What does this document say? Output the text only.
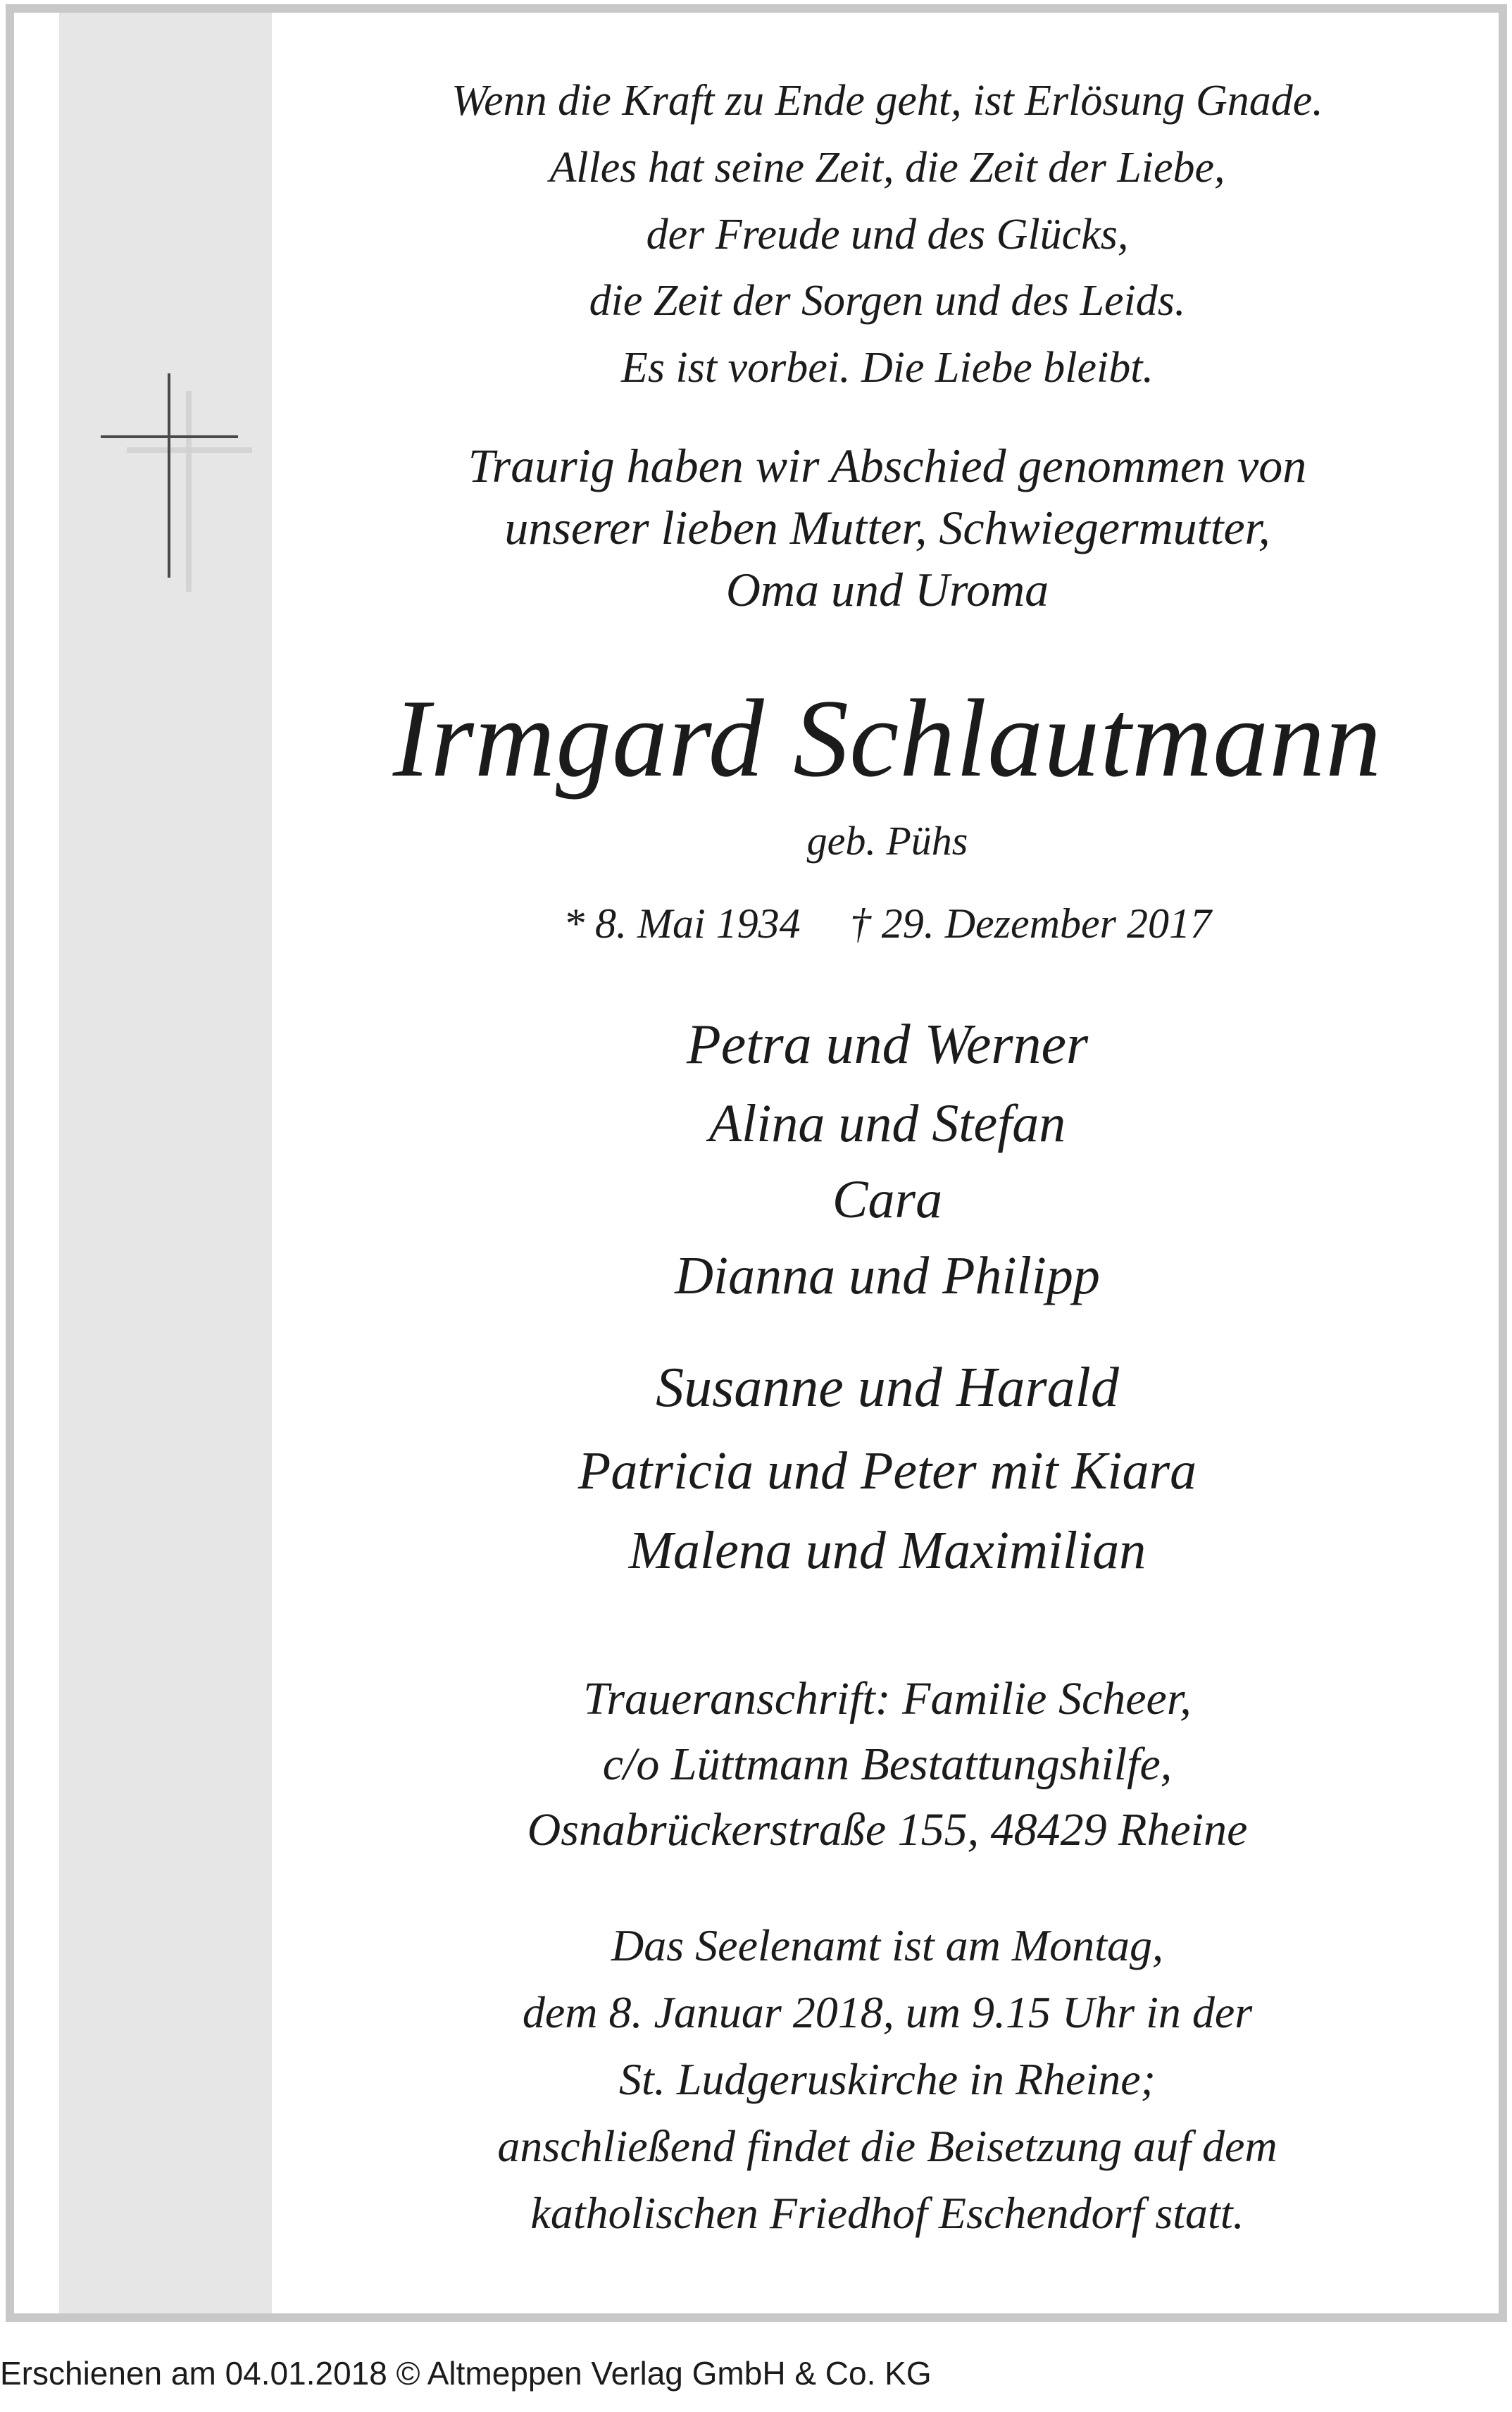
Wenn die Kraft zu Ende geht, ist Erlösung Gnade.
Alles hat seine Zeit, die Zeit der Liebe,
der Freude und des Glücks,
die Zeit der Sorgen und des Leids.
Es ist vorbei. Die Liebe bleibt.
Traurig haben wir Abschied genommen von
unserer lieben Mutter, Schwiegermutter,
Oma und Uroma
Irmgard Schlautmann
geb. Pühs
* 8. Mai 1934 † 29. Dezember 2017
Petra und Werner
Alina und Stefan
Cara
Dianna und Philipp
Susanne und Harald
Patricia und Peter mit Kiara
Malena und Maximilian
Traueranschrift: Familie Scheer,
c/o Lüttmann Bestattungshilfe,
Osnabrückerstraße 155, 48429 Rheine
Das Seelenamt ist am Montag,
dem 8. Januar 2018, um 9.15 Uhr in der
St. Ludgeruskirche in Rheine;
anschließend findet die Beisetzung auf dem
katholischen Friedhof Eschendorf statt.
Erschienen am 04.01.2018 © Altmeppen Verlag GmbH & Co. KG
